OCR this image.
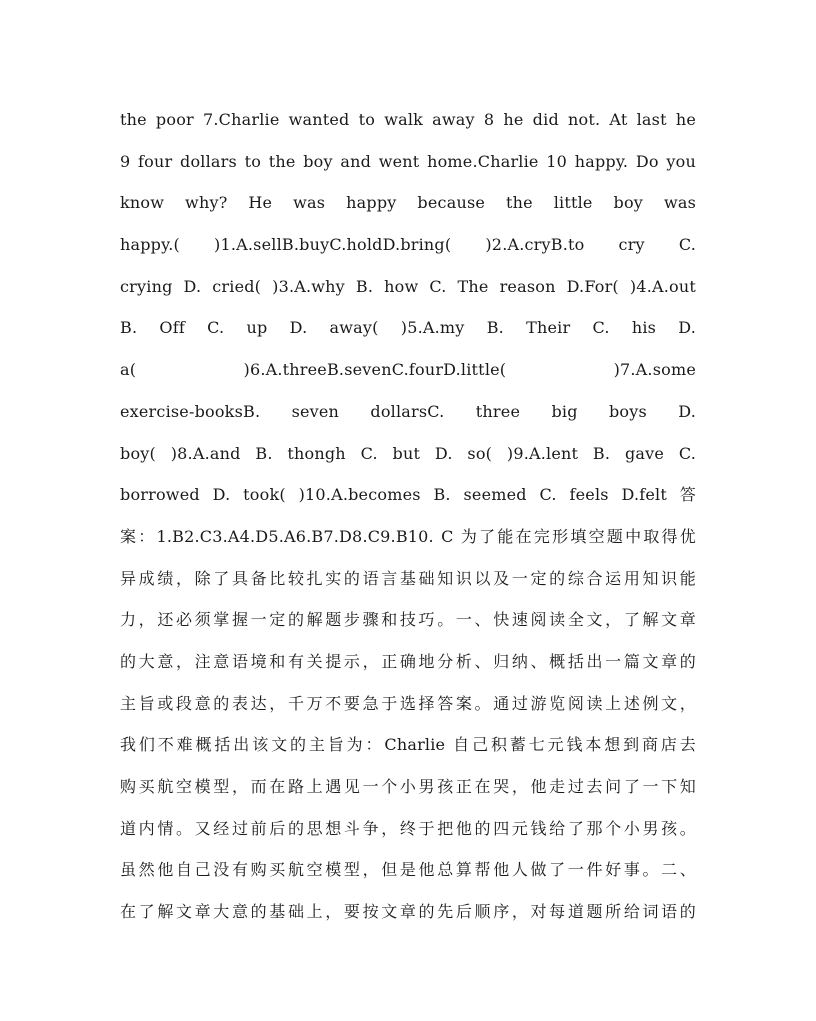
the poor 7.Charlie wanted to walk away 8 he did not. At last he
9 four dollars to the boy and went home.Charlie 10 happy. Do you
know why? He was happy because the little boy was
happy.( )1.A.sellB.buyC.holdD.bring( )2.A.cryB.to cry C.
crying D. cried( )3.A.why B. how C. The reason D.For( )4.A.out
B. Off C. up D. away( )5.A.my B. Their C. his D.
a( )6.A.threeB.sevenC.fourD.little( )7.A.some
exercise-booksB. seven dollarsC. three big boys D.
boy( )8.A.and B. thongh C. but D. so( )9.A.lent B. gave C.
borrowed D. took( )10.A.becomes B. seemed C. feels D.felt 答
案：1.B2.C3.A4.D5.A6.B7.D8.C9.B10. C 为了能在完形填空题中取得优
异成绩，除了具备比较扎实的语言基础知识以及一定的综合运用知识能
力，还必须掌握一定的解题步骤和技巧。一、快速阅读全文，了解文章
的大意，注意语境和有关提示，正确地分析、归纳、概括出一篇文章的
主旨或段意的表达，千万不要急于选择答案。通过游览阅读上述例文，
我们不难概括出该文的主旨为：Charlie 自己积蓄七元钱本想到商店去
购买航空模型，而在路上遇见一个小男孩正在哭，他走过去问了一下知
道内情。又经过前后的思想斗争，终于把他的四元钱给了那个小男孩。
虽然他自己没有购买航空模型，但是他总算帮他人做了一件好事。二、
在了解文章大意的基础上，要按文章的先后顺序，对每道题所给词语的
